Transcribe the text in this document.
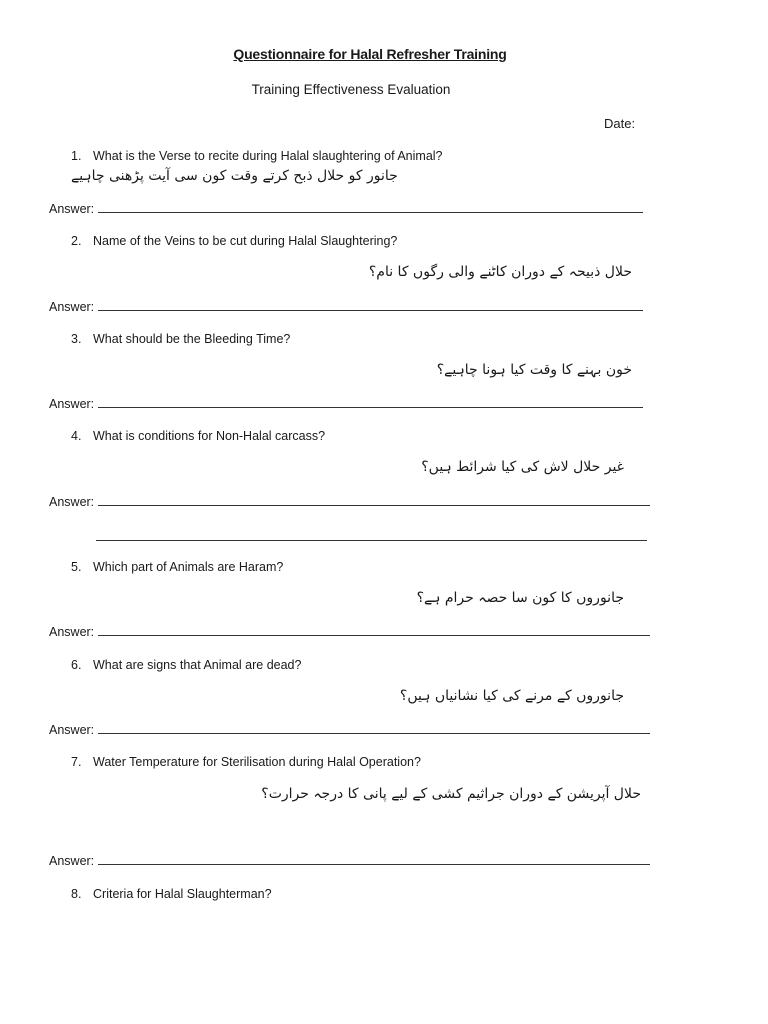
Questionnaire for Halal Refresher Training
Training Effectiveness Evaluation
Date:
1. What is the Verse to recite during Halal slaughtering of Animal?
جانور کو حلال ذبح کرتے وقت کون سی آیت پڑھنی چاہیے
Answer:
2. Name of the Veins to be cut during Halal Slaughtering?
حلال ذبیحہ کے دوران کاٹنے والی رگوں کا نام؟
Answer:
3. What should be the Bleeding Time?
خون بہنے کا وقت کیا ہونا چاہیے؟
Answer:
4. What is conditions for Non-Halal carcass?
غیر حلال لاش کی کیا شرائط ہیں؟
Answer:
5. Which part of Animals are Haram?
جانوروں کا کون سا حصہ حرام ہے؟
Answer:
6. What are signs that Animal are dead?
جانوروں کے مرنے کی کیا نشانیاں ہیں؟
Answer:
7. Water Temperature for Sterilisation during Halal Operation?
حلال آپریشن کے دوران جراثیم کشی کے لیے پانی کا درجہ حرارت؟
Answer:
8. Criteria for Halal Slaughterman?
